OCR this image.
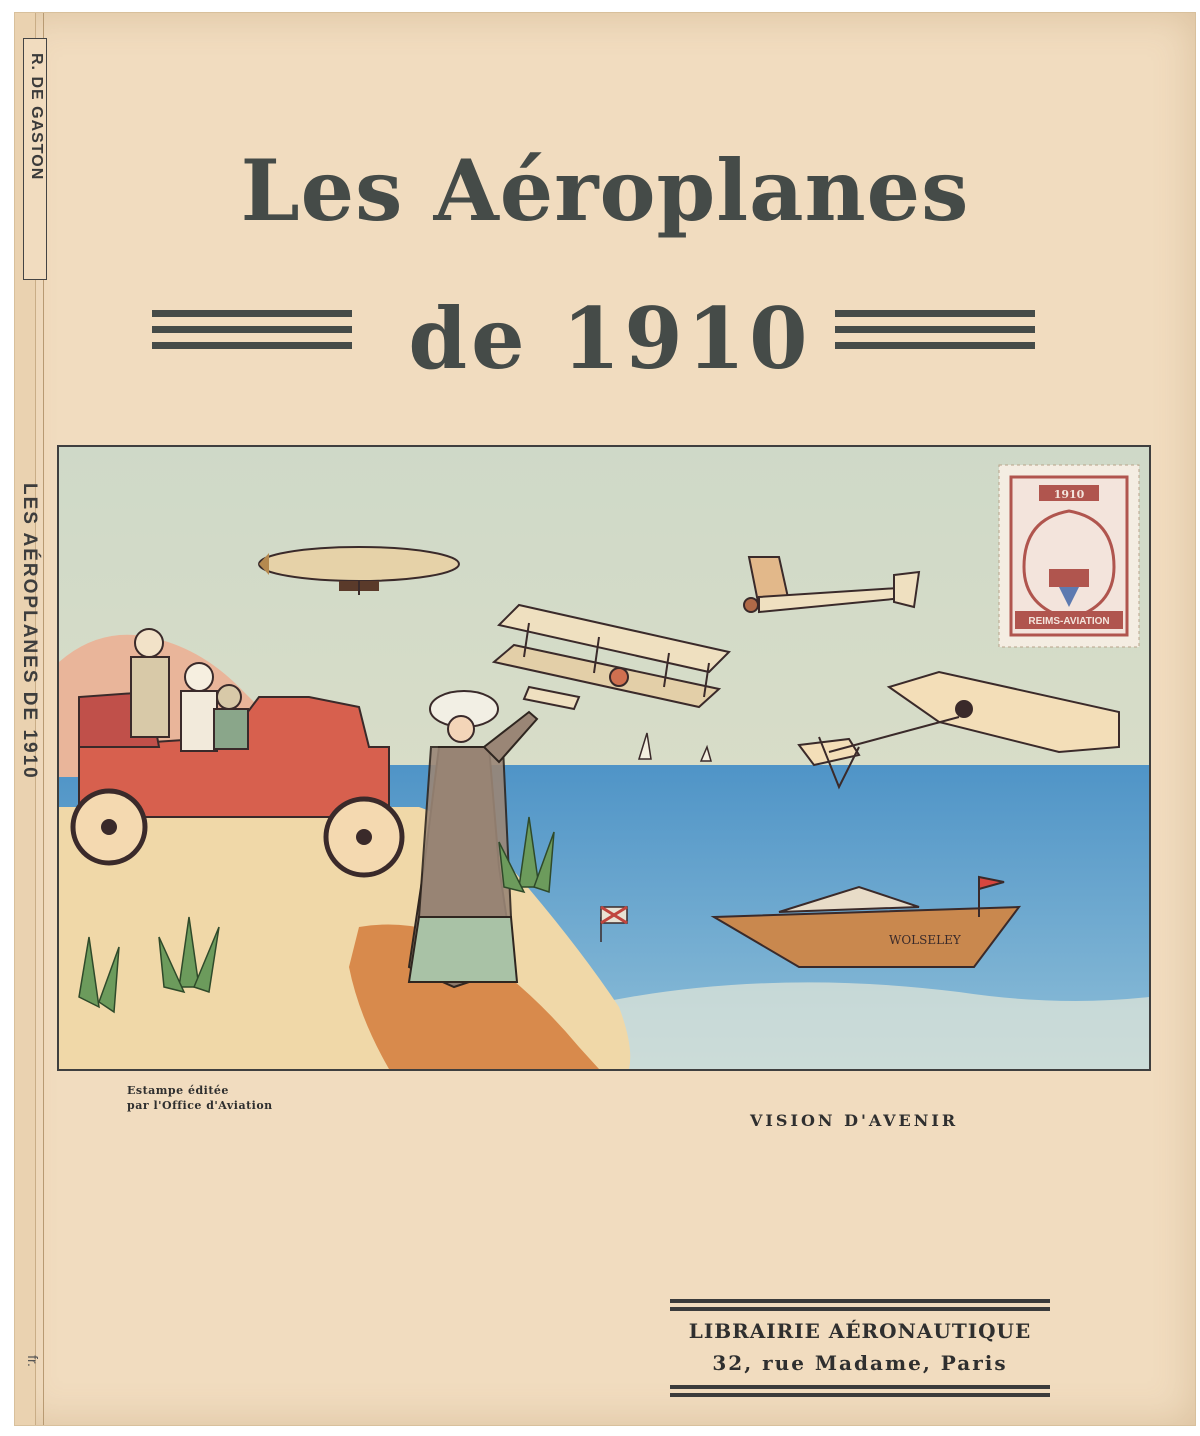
R. DE GASTON
LES AÉROPLANES DE 1910
fr.
Les Aéroplanes
de 1910
WOLSELEY
1910
REIMS-AVIATION
Estampe éditée
par l'Office d'Aviation
VISION D'AVENIR
LIBRAIRIE AÉRONAUTIQUE
32, rue Madame, Paris
